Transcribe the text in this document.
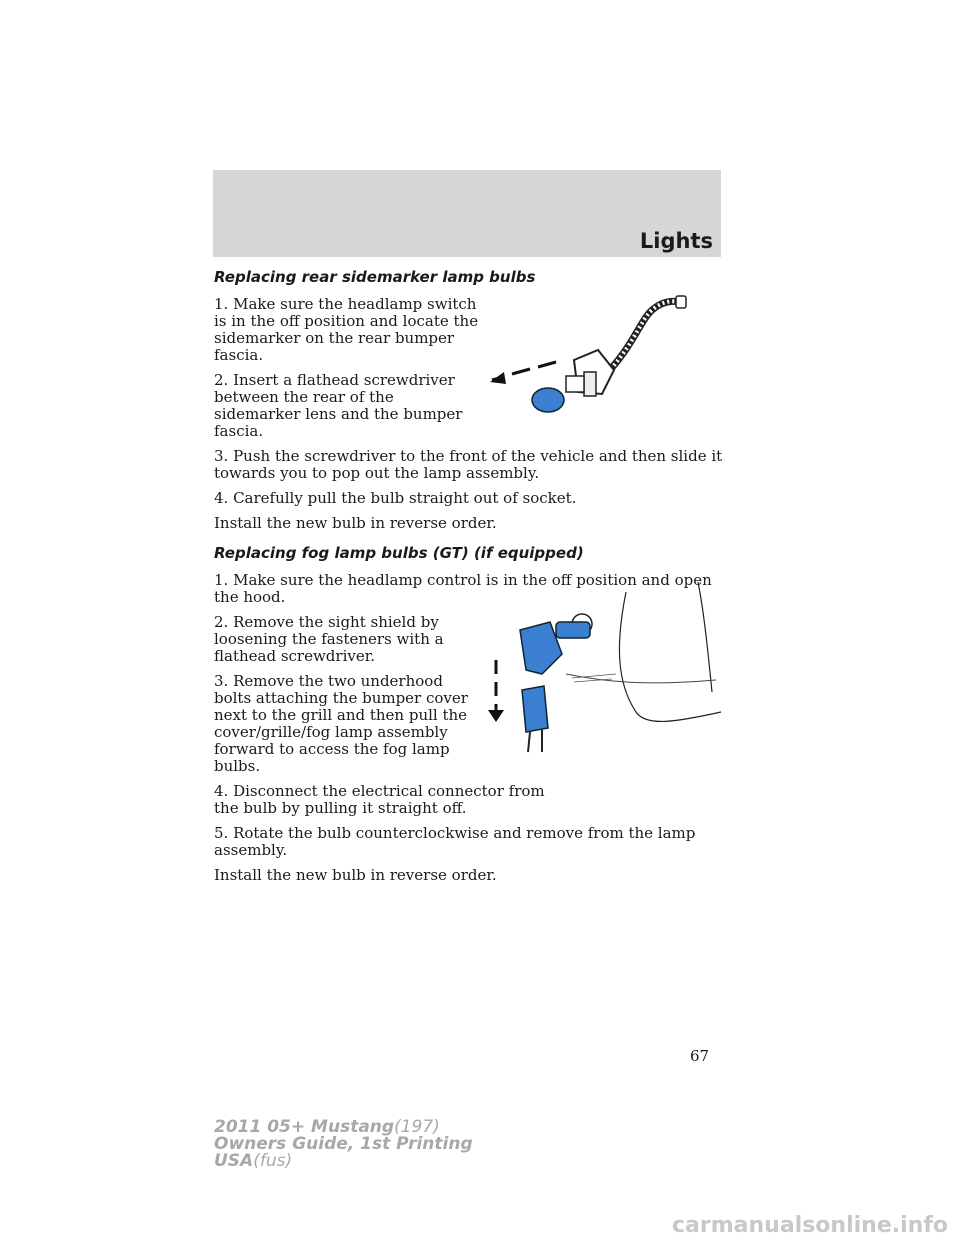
Lights
Replacing rear sidemarker lamp bulbs

1. Make sure the headlamp switch is in the off position and locate the sidemarker on the rear bumper fascia.

2. Insert a flathead screwdriver between the rear of the sidemarker lens and the bumper fascia.

3. Push the screwdriver to the front of the vehicle and then slide it towards you to pop out the lamp assembly.

4. Carefully pull the bulb straight out of socket.

Install the new bulb in reverse order.

Replacing fog lamp bulbs (GT) (if equipped)

1. Make sure the headlamp control is in the off position and open the hood.

2. Remove the sight shield by loosening the fasteners with a flathead screwdriver.

3. Remove the two underhood bolts attaching the bumper cover next to the grill and then pull the cover/grille/fog lamp assembly forward to access the fog lamp bulbs.

4. Disconnect the electrical connector from the bulb by pulling it straight off.

5. Rotate the bulb counterclockwise and remove from the lamp assembly.

Install the new bulb in reverse order.

67
2011 05+ Mustang(197)
Owners Guide, 1st Printing
USA(fus)
carmanualsonline.info
